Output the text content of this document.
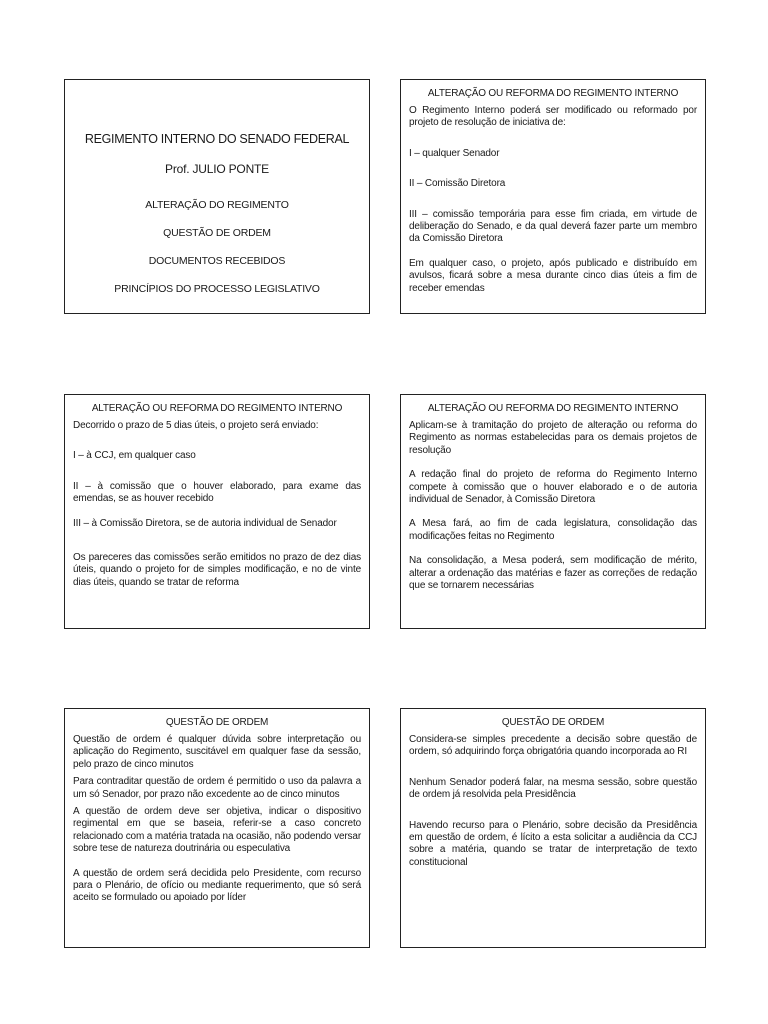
REGIMENTO INTERNO DO SENADO FEDERAL
Prof. JULIO PONTE
ALTERAÇÃO DO REGIMENTO
QUESTÃO DE ORDEM
DOCUMENTOS RECEBIDOS
PRINCÍPIOS DO PROCESSO LEGISLATIVO
ALTERAÇÃO OU REFORMA DO REGIMENTO INTERNO

O Regimento Interno poderá ser modificado ou reformado por projeto de resolução de iniciativa de:

I – qualquer Senador

II – Comissão Diretora

III – comissão temporária para esse fim criada, em virtude de deliberação do Senado, e da qual deverá fazer parte um membro da Comissão Diretora

Em qualquer caso, o projeto, após publicado e distribuído em avulsos, ficará sobre a mesa durante cinco dias úteis a fim de receber emendas

ALTERAÇÃO OU REFORMA DO REGIMENTO INTERNO

Decorrido o prazo de 5 dias úteis, o projeto será enviado:

I – à CCJ, em qualquer caso

II – à comissão que o houver elaborado, para exame das emendas, se as houver recebido

III – à Comissão Diretora, se de autoria individual de Senador

Os pareceres das comissões serão emitidos no prazo de dez dias úteis, quando o projeto for de simples modificação, e no de vinte dias úteis, quando se tratar de reforma

ALTERAÇÃO OU REFORMA DO REGIMENTO INTERNO

Aplicam-se à tramitação do projeto de alteração ou reforma do Regimento as normas estabelecidas para os demais projetos de resolução

A redação final do projeto de reforma do Regimento Interno compete à comissão que o houver elaborado e o de autoria individual de Senador, à Comissão Diretora

A Mesa fará, ao fim de cada legislatura, consolidação das modificações feitas no Regimento

Na consolidação, a Mesa poderá, sem modificação de mérito, alterar a ordenação das matérias e fazer as correções de redação que se tornarem necessárias

QUESTÃO DE ORDEM

Questão de ordem é qualquer dúvida sobre interpretação ou aplicação do Regimento, suscitável em qualquer fase da sessão, pelo prazo de cinco minutos

Para contraditar questão de ordem é permitido o uso da palavra a um só Senador, por prazo não excedente ao de cinco minutos

A questão de ordem deve ser objetiva, indicar o dispositivo regimental em que se baseia, referir-se a caso concreto relacionado com a matéria tratada na ocasião, não podendo versar sobre tese de natureza doutrinária ou especulativa

A questão de ordem será decidida pelo Presidente, com recurso para o Plenário, de ofício ou mediante requerimento, que só será aceito se formulado ou apoiado por líder

QUESTÃO DE ORDEM

Considera-se simples precedente a decisão sobre questão de ordem, só adquirindo força obrigatória quando incorporada ao RI

Nenhum Senador poderá falar, na mesma sessão, sobre questão de ordem já resolvida pela Presidência

Havendo recurso para o Plenário, sobre decisão da Presidência em questão de ordem, é lícito a esta solicitar a audiência da CCJ sobre a matéria, quando se tratar de interpretação de texto constitucional
